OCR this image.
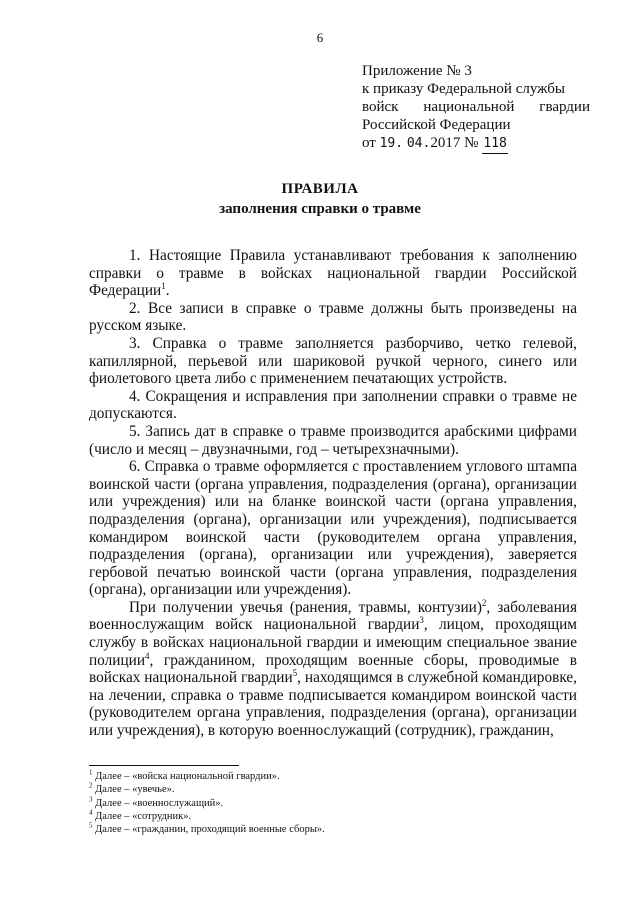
6
Приложение № 3
к приказу Федеральной службы
войск национальной гвардии
Российской Федерации
от 19. 04.2017 № 118
ПРАВИЛА
заполнения справки о травме

1. Настоящие Правила устанавливают требования к заполнению справки о травме в войсках национальной гвардии Российской Федерации$^1$.

2. Все записи в справке о травме должны быть произведены на русском языке.

3. Справка о травме заполняется разборчиво, четко гелевой, капиллярной, перьевой или шариковой ручкой черного, синего или фиолетового цвета либо с применением печатающих устройств.

4. Сокращения и исправления при заполнении справки о травме не допускаются.

5. Запись дат в справке о травме производится арабскими цифрами (число и месяц – двузначными, год – четырехзначными).

6. Справка о травме оформляется с проставлением углового штампа воинской части (органа управления, подразделения (органа), организации или учреждения) или на бланке воинской части (органа управления, подразделения (органа), организации или учреждения), подписывается командиром воинской части (руководителем органа управления, подразделения (органа), организации или учреждения), заверяется гербовой печатью воинской части (органа управления, подразделения (органа), организации или учреждения).

При получении увечья (ранения, травмы, контузии)$^2$, заболевания военнослужащим войск национальной гвардии$^3$, лицом, проходящим службу в войсках национальной гвардии и имеющим специальное звание полиции$^4$, гражданином, проходящим военные сборы, проводимые в войсках национальной гвардии$^5$, находящимся в служебной командировке, на лечении, справка о травме подписывается командиром воинской части (руководителем органа управления, подразделения (органа), организации или учреждения), в которую военнослужащий (сотрудник), гражданин,

$^1$ Далее – «войска национальной гвардии».
$^2$ Далее – «увечье».
$^3$ Далее – «военнослужащий».
$^4$ Далее – «сотрудник».
$^5$ Далее – «гражданин, проходящий военные сборы».
